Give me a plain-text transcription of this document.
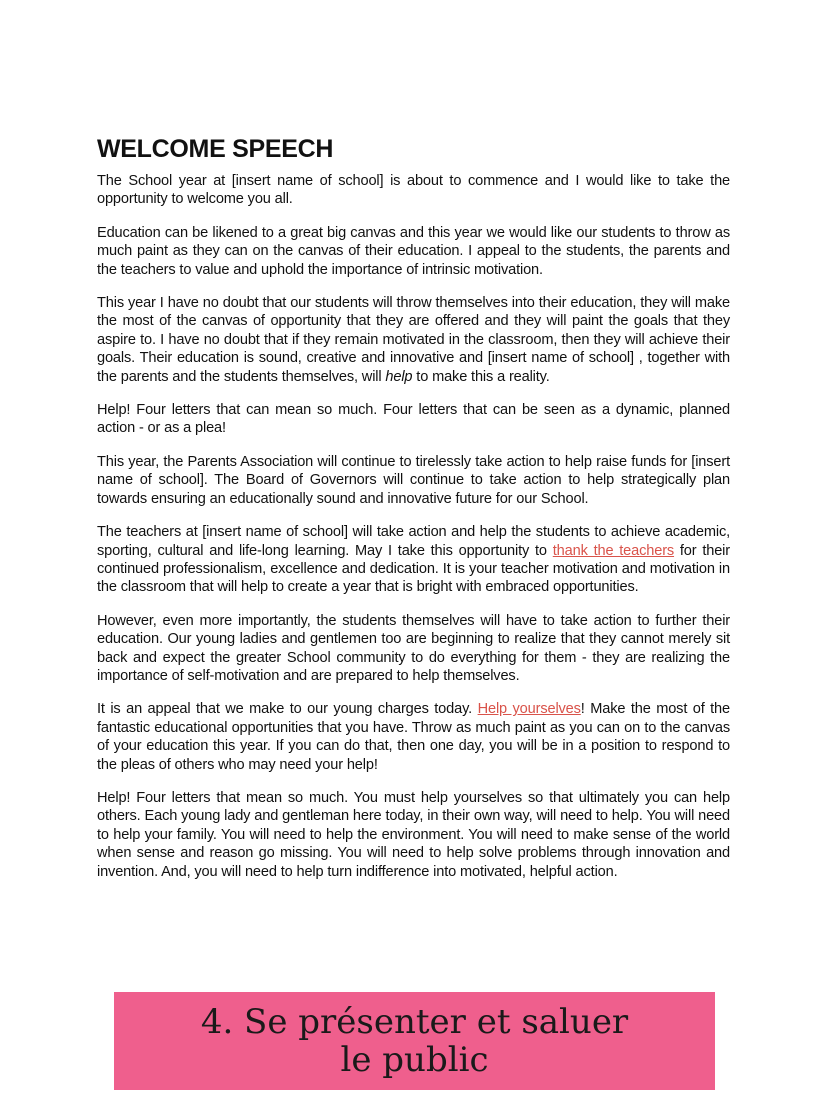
WELCOME SPEECH

The School year at [insert name of school] is about to commence and I would like to take the opportunity to welcome you all.

Education can be likened to a great big canvas and this year we would like our students to throw as much paint as they can on the canvas of their education. I appeal to the students, the parents and the teachers to value and uphold the importance of intrinsic motivation.

This year I have no doubt that our students will throw themselves into their education, they will make the most of the canvas of opportunity that they are offered and they will paint the goals that they aspire to. I have no doubt that if they remain motivated in the classroom, then they will achieve their goals. Their education is sound, creative and innovative and [insert name of school] , together with the parents and the students themselves, will help to make this a reality.

Help! Four letters that can mean so much. Four letters that can be seen as a dynamic, planned action - or as a plea!

This year, the Parents Association will continue to tirelessly take action to help raise funds for [insert name of school]. The Board of Governors will continue to take action to help strategically plan towards ensuring an educationally sound and innovative future for our School.

The teachers at [insert name of school] will take action and help the students to achieve academic, sporting, cultural and life-long learning. May I take this opportunity to thank the teachers for their continued professionalism, excellence and dedication. It is your teacher motivation and motivation in the classroom that will help to create a year that is bright with embraced opportunities.

However, even more importantly, the students themselves will have to take action to further their education. Our young ladies and gentlemen too are beginning to realize that they cannot merely sit back and expect the greater School community to do everything for them - they are realizing the importance of self-motivation and are prepared to help themselves.

It is an appeal that we make to our young charges today. Help yourselves! Make the most of the fantastic educational opportunities that you have. Throw as much paint as you can on to the canvas of your education this year. If you can do that, then one day, you will be in a position to respond to the pleas of others who may need your help!

Help! Four letters that mean so much. You must help yourselves so that ultimately you can help others. Each young lady and gentleman here today, in their own way, will need to help. You will need to help your family. You will need to help the environment. You will need to make sense of the world when sense and reason go missing. You will need to help solve problems through innovation and invention. And, you will need to help turn indifference into motivated, helpful action.

4. Se présenter et saluer
le public
